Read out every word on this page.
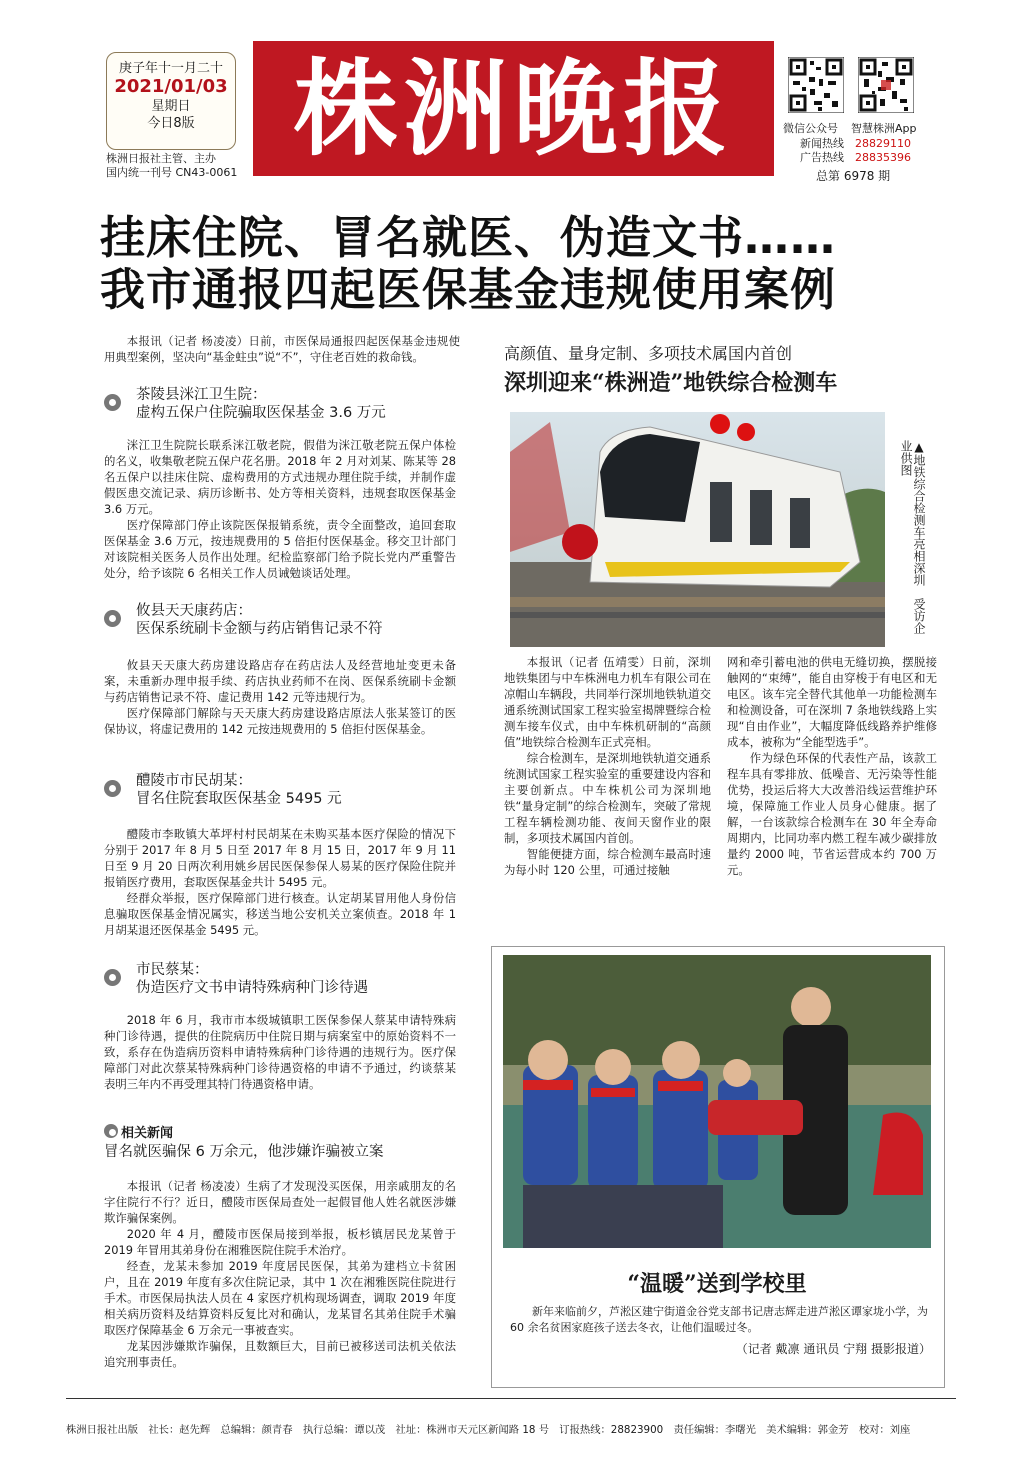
庚子年十一月二十
2021/01/03
星期日
今日8版
株洲日报社主管、主办
国内统一刊号 CN43-0061
株洲晚报	微信公众号 智慧株洲App
新闻热线　 28829110
广告热线　 28835396
总第 6978 期
挂床住院、冒名就医、伪造文书……
我市通报四起医保基金违规使用案例
本报讯（记者 杨凌凌）日前，市医保局通报四起医保基金违规使用典型案例，坚决向“基金蛀虫”说“不”，守住老百姓的救命钱。
茶陵县洣江卫生院：
虚构五保户住院骗取医保基金 3.6 万元

洣江卫生院院长联系洣江敬老院，假借为洣江敬老院五保户体检的名义，收集敬老院五保户花名册。2018 年 2 月对刘某、陈某等 28 名五保户以挂床住院、虚构费用的方式违规办理住院手续，并制作虚假医患交流记录、病历诊断书、处方等相关资料，违规套取医保基金 3.6 万元。

医疗保障部门停止该院医保报销系统，责令全面整改，追回套取医保基金 3.6 万元，按违规费用的 5 倍拒付医保基金。移交卫计部门对该院相关医务人员作出处理。纪检监察部门给予院长党内严重警告处分，给予该院 6 名相关工作人员诫勉谈话处理。

攸县天天康药店：
医保系统刷卡金额与药店销售记录不符

攸县天天康大药房建设路店存在药店法人及经营地址变更未备案，未重新办理申报手续、药店执业药师不在岗、医保系统刷卡金额与药店销售记录不符、虚记费用 142 元等违规行为。

医疗保障部门解除与天天康大药房建设路店原法人张某签订的医保协议，将虚记费用的 142 元按违规费用的 5 倍拒付医保基金。

醴陵市市民胡某：
冒名住院套取医保基金 5495 元

醴陵市李畋镇大革坪村村民胡某在未购买基本医疗保险的情况下分别于 2017 年 8 月 5 日至 2017 年 8 月 15 日，2017 年 9 月 11 日至 9 月 20 日两次利用姚乡居民医保参保人易某的医疗保险住院并报销医疗费用，套取医保基金共计 5495 元。

经群众举报，医疗保障部门进行核查。认定胡某冒用他人身份信息骗取医保基金情况属实，移送当地公安机关立案侦查。2018 年 1 月胡某退还医保基金 5495 元。

市民蔡某：
伪造医疗文书申请特殊病种门诊待遇

2018 年 6 月，我市市本级城镇职工医保参保人蔡某申请特殊病种门诊待遇，提供的住院病历中住院日期与病案室中的原始资料不一致，系存在伪造病历资料申请特殊病种门诊待遇的违规行为。医疗保障部门对此次蔡某特殊病种门诊待遇资格的申请不予通过，约谈蔡某表明三年内不再受理其特门待遇资格申请。

相关新闻
冒名就医骗保 6 万余元，他涉嫌诈骗被立案

本报讯（记者 杨凌凌）生病了才发现没买医保，用亲戚朋友的名字住院行不行？近日，醴陵市医保局查处一起假冒他人姓名就医涉嫌欺诈骗保案例。

2020 年 4 月，醴陵市医保局接到举报，板杉镇居民龙某曾于 2019 年冒用其弟身份在湘雅医院住院手术治疗。

经查，龙某未参加 2019 年度居民医保，其弟为建档立卡贫困户，且在 2019 年度有多次住院记录，其中 1 次在湘雅医院住院进行手术。市医保局执法人员在 4 家医疗机构现场调查，调取 2019 年度相关病历资料及结算资料反复比对和确认，龙某冒名其弟住院手术骗取医疗保障基金 6 万余元一事被查实。

龙某因涉嫌欺诈骗保，且数额巨大，目前已被移送司法机关依法追究刑事责任。

高颜值、量身定制、多项技术属国内首创
深圳迎来“株洲造”地铁综合检测车
▲地铁综合检测车亮相深圳　受访企业供图

本报讯（记者 伍靖雯）日前，深圳地铁集团与中车株洲电力机车有限公司在凉帽山车辆段，共同举行深圳地铁轨道交通系统测试国家工程实验室揭牌暨综合检测车接车仪式，由中车株机研制的“高颜值”地铁综合检测车正式亮相。

综合检测车，是深圳地铁轨道交通系统测试国家工程实验室的重要建设内容和主要创新点。中车株机公司为深圳地铁“量身定制”的综合检测车，突破了常规工程车辆检测功能、夜间天窗作业的限制，多项技术属国内首创。

智能便捷方面，综合检测车最高时速为每小时 120 公里，可通过接触

网和牵引蓄电池的供电无缝切换，摆脱接触网的“束缚”，能自由穿梭于有电区和无电区。该车完全替代其他单一功能检测车和检测设备，可在深圳 7 条地铁线路上实现“自由作业”，大幅度降低线路养护维修成本，被称为“全能型选手”。

作为绿色环保的代表性产品，该款工程车具有零排放、低噪音、无污染等性能优势，投运后将大大改善沿线运营维护环境，保障施工作业人员身心健康。据了解，一台该款综合检测车在 30 年全寿命周期内，比同功率内燃工程车减少碳排放量约 2000 吨，节省运营成本约 700 万元。

“温暖”送到学校里
新年来临前夕，芦淞区建宁街道金谷党支部书记唐志辉走进芦淞区谭家垅小学，为 60 余名贫困家庭孩子送去冬衣，让他们温暖过冬。
（记者 戴凛 通讯员 宁翔 摄影报道）
株洲日报社出版　社长：赵先辉　总编辑：颜青春　执行总编：谭以茂　社址：株洲市天元区新闻路 18 号　订报热线：28823900　责任编辑：李曙光　美术编辑：郭金芳　校对：刘座
